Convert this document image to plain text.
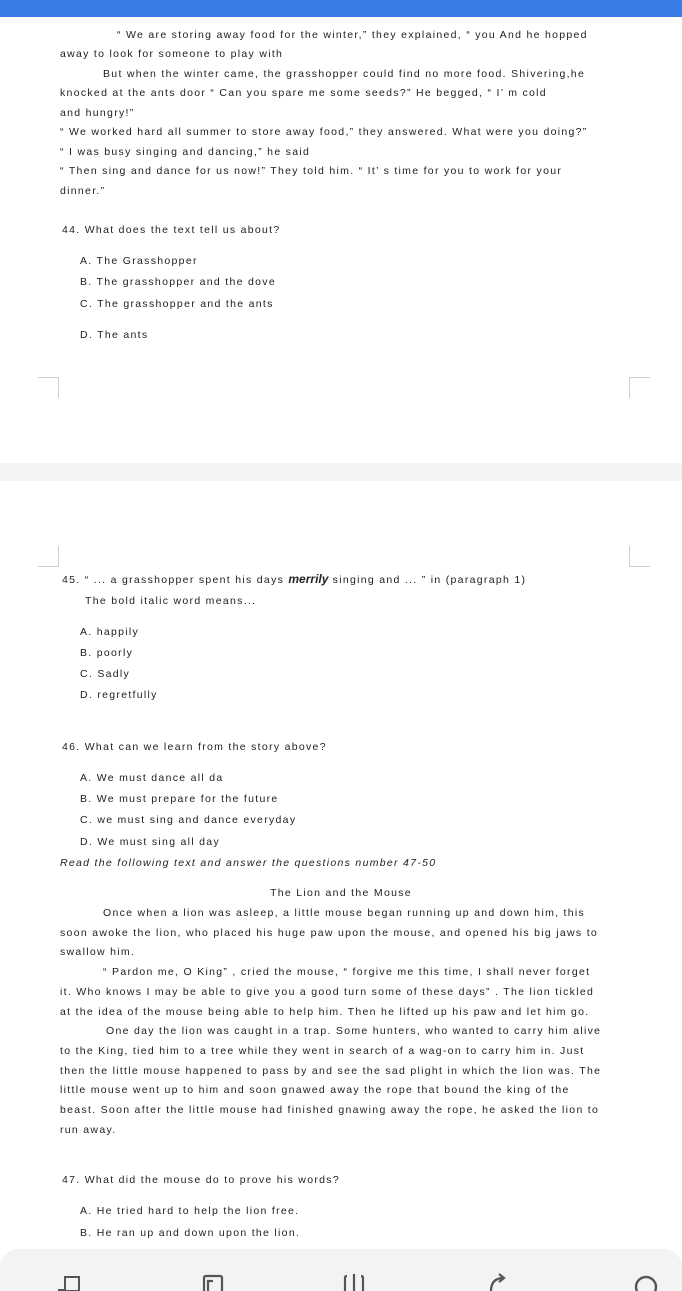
“ We are storing away food for the winter,” they explained, “ you And he hopped
away to look for someone to play with
But when the winter came, the grasshopper could find no more food. Shivering,he
knocked at the ants door “ Can you spare me some seeds?” He begged, “ I’ m cold
and hungry!”
“ We worked hard all summer to store away food,” they answered. What were you doing?”
“ I was busy singing and dancing,” he said
“ Then sing and dance for us now!” They told him. “ It’ s time for you to work for your
dinner.”
44. What does the text tell us about?
A. The Grasshopper
B. The grasshopper and the dove
C. The grasshopper and the ants
D. The ants
45. “ ... a grasshopper spent his days merrily singing and ... ” in (paragraph 1)
The bold italic word means...
A. happily
B. poorly
C. Sadly
D. regretfully
46. What can we learn from the story above?
A. We must dance all da
B. We must prepare for the future
C. we must sing and dance everyday
D. We must sing all day
Read the following text and answer the questions number 47-50
The Lion and the Mouse
Once when a lion was asleep, a little mouse began running up and down him, this
soon awoke the lion, who placed his huge paw upon the mouse, and opened his big jaws to
swallow him.
“ Pardon me, O King” , cried the mouse, “ forgive me this time, I shall never forget
it. Who knows I may be able to give you a good turn some of these days” . The lion tickled
at the idea of the mouse being able to help him. Then he lifted up his paw and let him go.
One day the lion was caught in a trap. Some hunters, who wanted to carry him alive
to the King, tied him to a tree while they went in search of a wag-on to carry him in. Just
then the little mouse happened to pass by and see the sad plight in which the lion was. The
little mouse went up to him and soon gnawed away the rope that bound the king of the
beast. Soon after the little mouse had finished gnawing away the rope, he asked the lion to
run away.
47. What did the mouse do to prove his words?
A. He tried hard to help the lion free.
B. He ran up and down upon the lion.
